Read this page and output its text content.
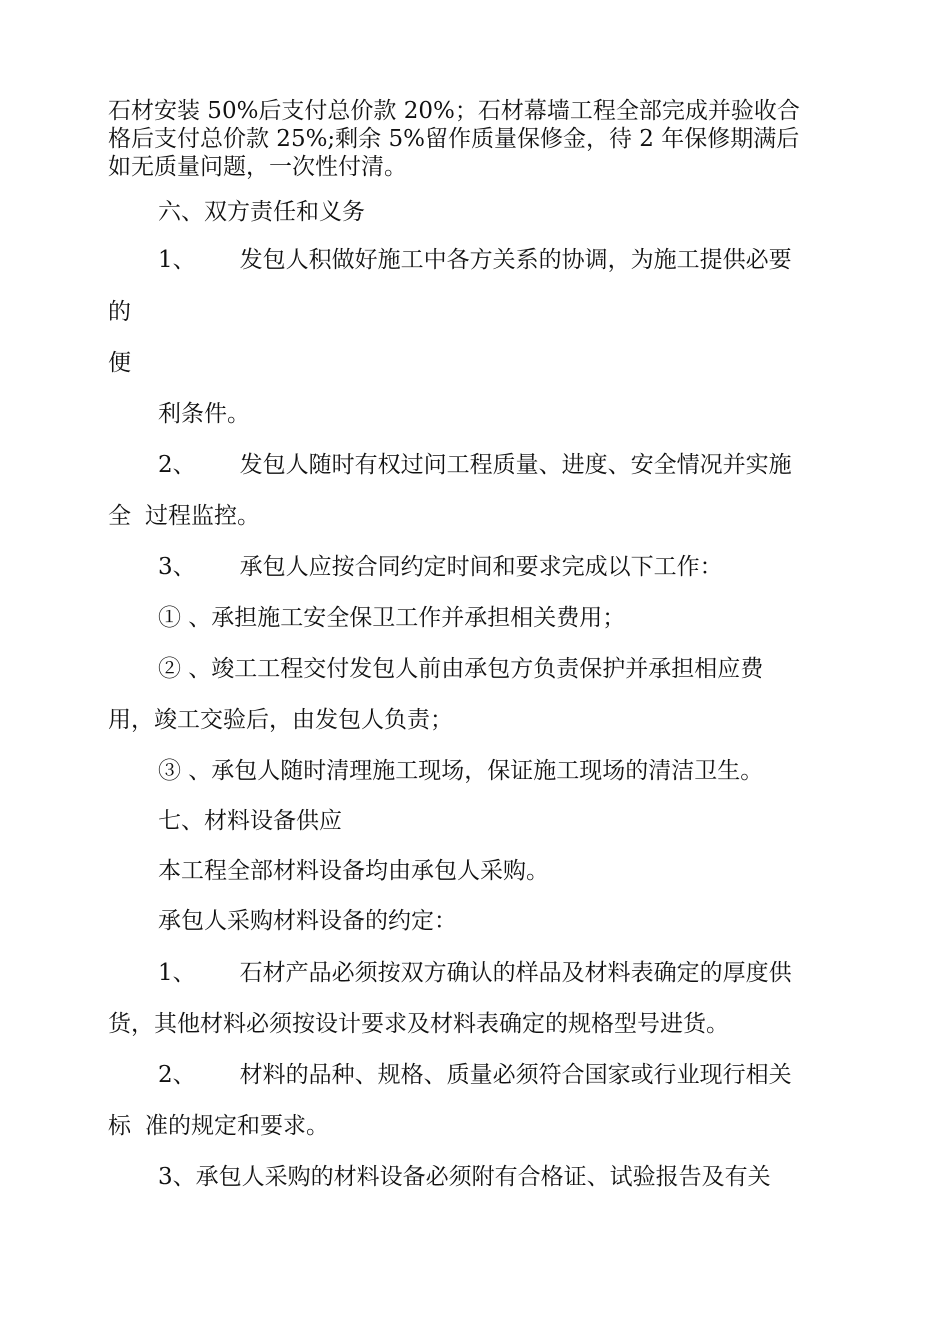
石材安装 50%后支付总价款 20%；石材幕墙工程全部完成并验收合
格后支付总价款 25%;剩余 5%留作质量保修金，待 2 年保修期满后
如无质量问题，一次性付清。
六、双方责任和义务
1、 发包人积做好施工中各方关系的协调，为施工提供必要
的
便
利条件。
2、 发包人随时有权过问工程质量、进度、安全情况并实施
全 过程监控。
3、 承包人应按合同约定时间和要求完成以下工作：
① 、承担施工安全保卫工作并承担相关费用；
② 、竣工工程交付发包人前由承包方负责保护并承担相应费
用，竣工交验后，由发包人负责；
③ 、承包人随时清理施工现场，保证施工现场的清洁卫生。
七、材料设备供应
本工程全部材料设备均由承包人采购。
承包人采购材料设备的约定：
1、 石材产品必须按双方确认的样品及材料表确定的厚度供
货，其他材料必须按设计要求及材料表确定的规格型号进货。
2、 材料的品种、规格、质量必须符合国家或行业现行相关
标 准的规定和要求。
3、承包人采购的材料设备必须附有合格证、试验报告及有关
